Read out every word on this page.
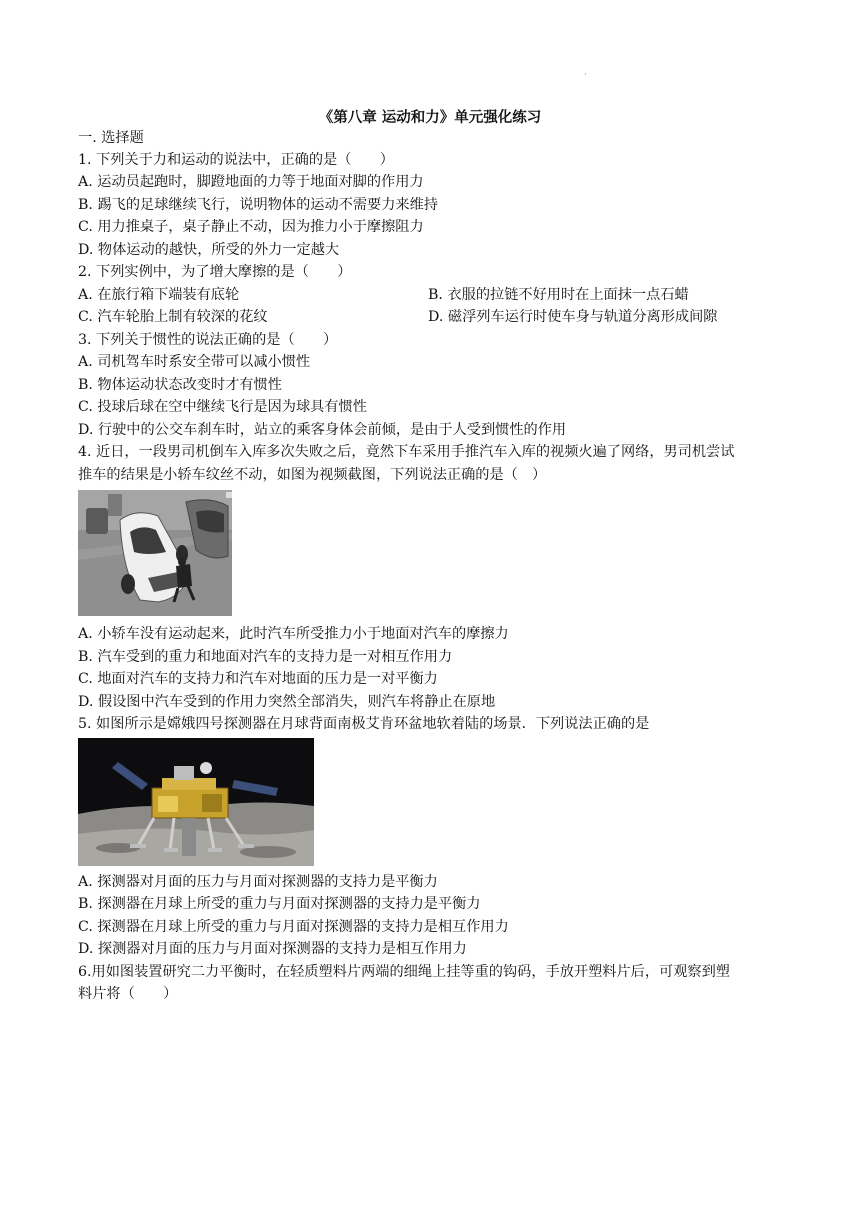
·
《第八章 运动和力》单元强化练习
一. 选择题
1. 下列关于力和运动的说法中，正确的是（　　）
A. 运动员起跑时，脚蹬地面的力等于地面对脚的作用力
B. 踢飞的足球继续飞行，说明物体的运动不需要力来维持
C. 用力推桌子，桌子静止不动，因为推力小于摩擦阻力
D. 物体运动的越快，所受的外力一定越大
2. 下列实例中，为了增大摩擦的是（　　）
A. 在旅行箱下端装有底轮	B. 衣服的拉链不好用时在上面抹一点石蜡
C. 汽车轮胎上制有较深的花纹	D. 磁浮列车运行时使车身与轨道分离形成间隙
3. 下列关于惯性的说法正确的是（　　）
A. 司机驾车时系安全带可以减小惯性
B. 物体运动状态改变时才有惯性
C. 投球后球在空中继续飞行是因为球具有惯性
D. 行驶中的公交车刹车时，站立的乘客身体会前倾，是由于人受到惯性的作用
4. 近日，一段男司机倒车入库多次失败之后，竟然下车采用手推汽车入库的视频火遍了网络，男司机尝试
推车的结果是小轿车纹丝不动，如图为视频截图，下列说法正确的是（　）
A. 小轿车没有运动起来，此时汽车所受推力小于地面对汽车的摩擦力
B. 汽车受到的重力和地面对汽车的支持力是一对相互作用力
C. 地面对汽车的支持力和汽车对地面的压力是一对平衡力
D. 假设图中汽车受到的作用力突然全部消失，则汽车将静止在原地
5. 如图所示是嫦娥四号探测器在月球背面南极艾肯环盆地软着陆的场景．下列说法正确的是
A. 探测器对月面的压力与月面对探测器的支持力是平衡力
B. 探测器在月球上所受的重力与月面对探测器的支持力是平衡力
C. 探测器在月球上所受的重力与月面对探测器的支持力是相互作用力
D. 探测器对月面的压力与月面对探测器的支持力是相互作用力
6.用如图装置研究二力平衡时，在轻质塑料片两端的细绳上挂等重的钩码，手放开塑料片后，可观察到塑
料片将（　　）
